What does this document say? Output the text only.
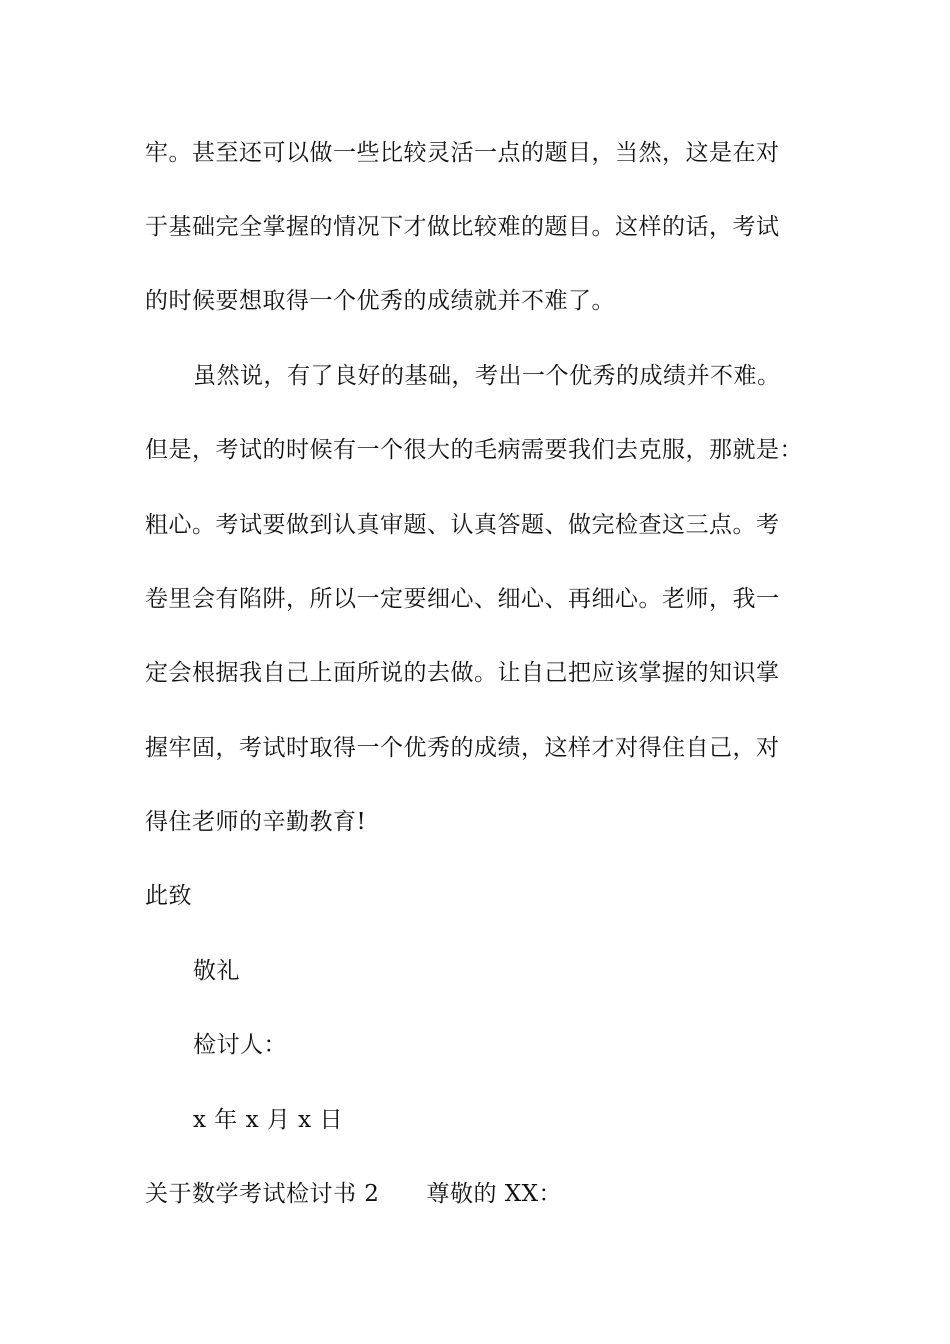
牢。甚至还可以做一些比较灵活一点的题目，当然，这是在对
于基础完全掌握的情况下才做比较难的题目。这样的话，考试
的时候要想取得一个优秀的成绩就并不难了。
虽然说，有了良好的基础，考出一个优秀的成绩并不难。
但是，考试的时候有一个很大的毛病需要我们去克服，那就是：
粗心。考试要做到认真审题、认真答题、做完检查这三点。考
卷里会有陷阱，所以一定要细心、细心、再细心。老师，我一
定会根据我自己上面所说的去做。让自己把应该掌握的知识掌
握牢固，考试时取得一个优秀的成绩，这样才对得住自己，对
得住老师的辛勤教育!
此致
敬礼
检讨人：
x 年 x 月 x 日
关于数学考试检讨书 2　　尊敬的 XX：
